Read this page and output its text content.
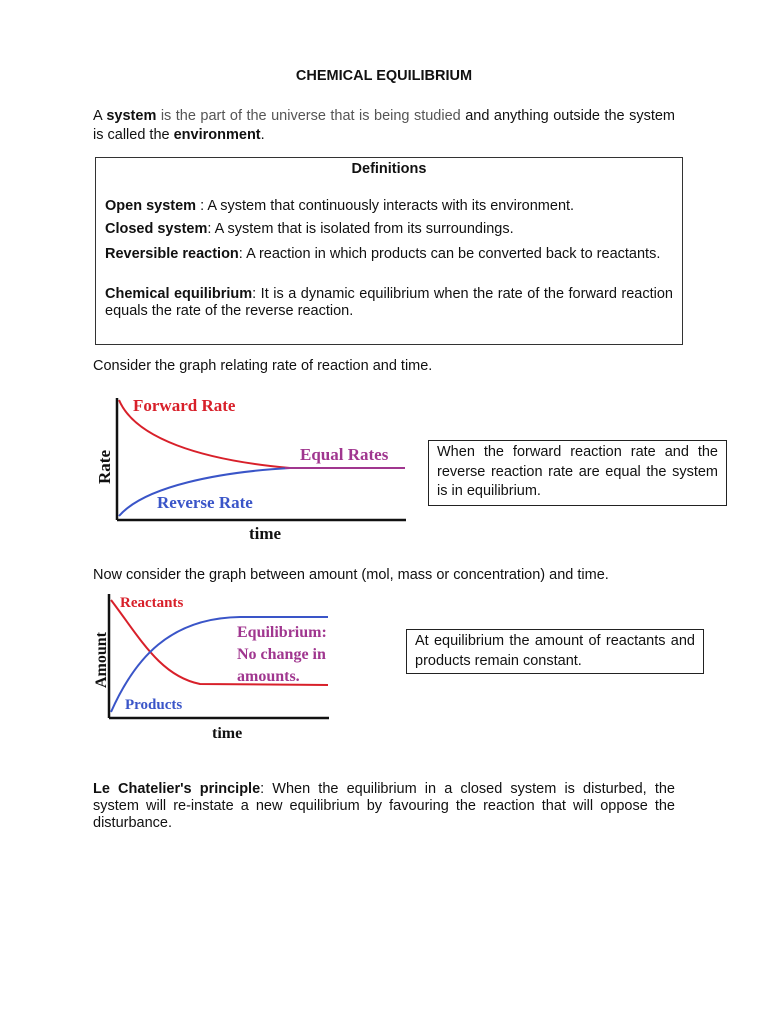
CHEMICAL EQUILIBRIUM
A system is the part of the universe that is being studied and anything outside the system is called the environment.
Definitions
Open system : A system that continuously interacts with its environment.
Closed system: A system that is isolated from its surroundings.
Reversible reaction: A reaction in which products can be converted back to reactants.
Chemical equilibrium: It is a dynamic equilibrium when the rate of the forward reaction equals the rate of the reverse reaction.
Consider the graph relating rate of reaction and time.
Forward Rate
Equal Rates
Reverse Rate
time
Rate	When the forward reaction rate and the reverse reaction rate are equal the system is in equilibrium.
Now consider the graph between amount (mol, mass or concentration) and time.
Reactants
Products
Equilibrium:
No change in
amounts.
time
Amount	At equilibrium the amount of reactants and products remain constant.
Le Chatelier's principle: When the equilibrium in a closed system is disturbed, the system will re-instate a new equilibrium by favouring the reaction that will oppose the disturbance.
